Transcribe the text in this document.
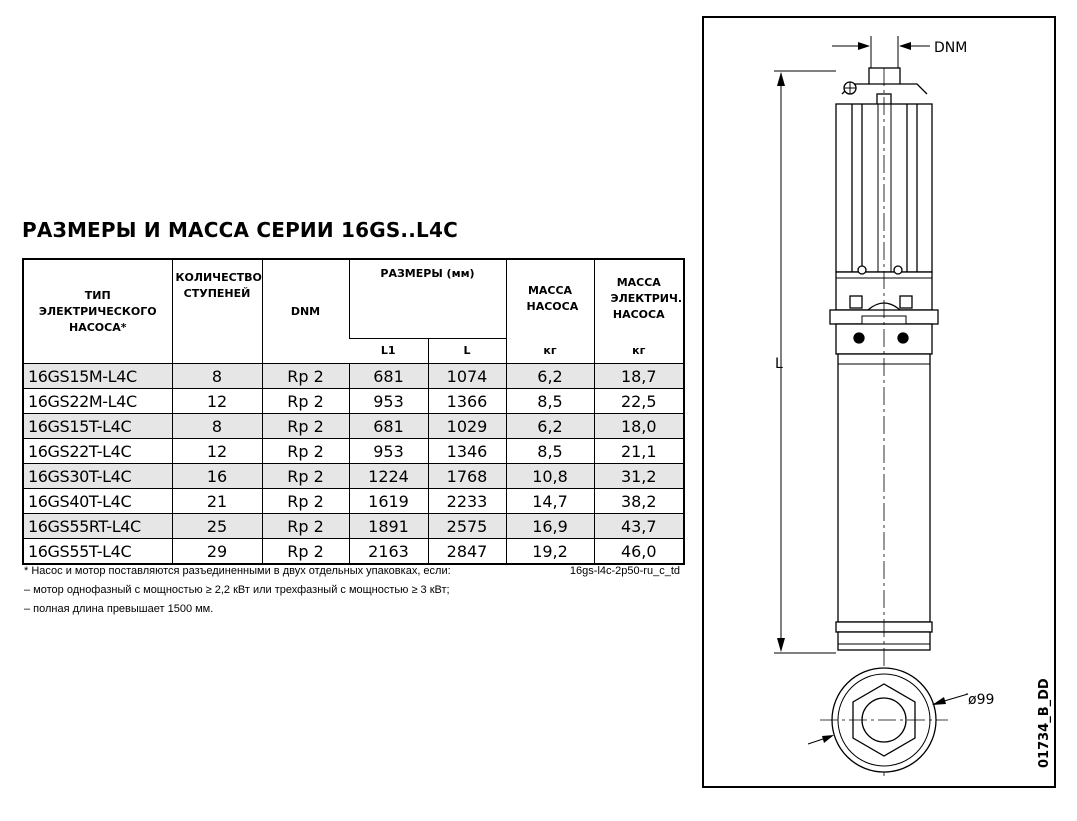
РАЗМЕРЫ И МАССА СЕРИИ 16GS..L4C
ТИП ЭЛЕКТРИЧЕСКОГО НАСОСА*	КОЛИЧЕСТВО СТУПЕНЕЙ	DNM	РАЗМЕРЫ (мм)		МАССА НАСОСА	МАССА ЭЛЕКТРИЧ. НАСОСА
			L1	L	кг	кг
16GS15M-L4C	8	Rp 2	681	1074	6,2	18,7
16GS22M-L4C	12	Rp 2	953	1366	8,5	22,5
16GS15T-L4C	8	Rp 2	681	1029	6,2	18,0
16GS22T-L4C	12	Rp 2	953	1346	8,5	21,1
16GS30T-L4C	16	Rp 2	1224	1768	10,8	31,2
16GS40T-L4C	21	Rp 2	1619	2233	14,7	38,2
16GS55RT-L4C	25	Rp 2	1891	2575	16,9	43,7
16GS55T-L4C	29	Rp 2	2163	2847	19,2	46,0
* Насос и мотор поставляются разъединенными в двух отдельных упаковках, если:	16gs-l4c-2p50-ru_c_td
– мотор однофазный с мощностью ≥ 2,2 кВт или трехфазный с мощностью ≥ 3 кВт;
– полная длина превышает 1500 мм.
DNM
L
ø99	01734_B_DD
